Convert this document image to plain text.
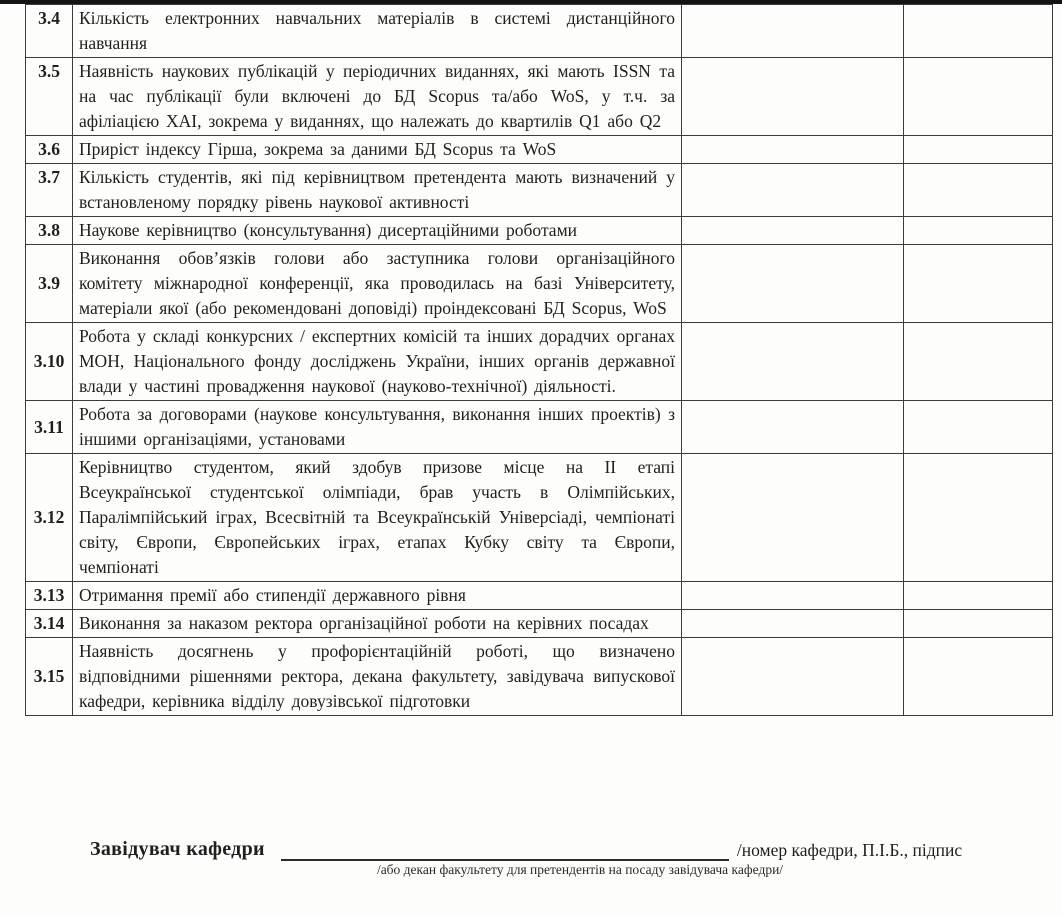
3.4	Кількість електронних навчальних матеріалів в системі дистанційного навчання		
3.5	Наявність наукових публікацій у періодичних виданнях, які мають ISSN та на час публікації були включені до БД Scopus та/або WoS, у т.ч. за афіліацією ХАІ, зокрема у виданнях, що належать до квартилів Q1 або Q2		
3.6	Приріст індексу Гірша, зокрема за даними БД Scopus та WoS		
3.7	Кількість студентів, які під керівництвом претендента мають визначений у встановленому порядку рівень наукової активності		
3.8	Наукове керівництво (консультування) дисертаційними роботами		
3.9	Виконання обов’язків голови або заступника голови організаційного комітету міжнародної конференції, яка проводилась на базі Університету, матеріали якої (або рекомендовані доповіді) проіндексовані БД Scopus, WoS		
3.10	Робота у складі конкурсних / експертних комісій та інших дорадчих органах МОН, Національного фонду досліджень України, інших органів державної влади у частині провадження наукової (науково-технічної) діяльності.		
3.11	Робота за договорами (наукове консультування, виконання інших проектів) з іншими організаціями, установами		
3.12	Керівництво студентом, який здобув призове місце на ІІ етапі Всеукраїнської студентської олімпіади, брав участь в Олімпійських, Паралімпійський іграх, Всесвітній та Всеукраїнській Універсіаді, чемпіонаті світу, Європи, Європейських іграх, етапах Кубку світу та Європи, чемпіонаті		
3.13	Отримання премії або стипендії державного рівня		
3.14	Виконання за наказом ректора організаційної роботи на керівних посадах		
3.15	Наявність досягнень у профорієнтаційній роботі, що визначено відповідними рішеннями ректора, декана факультету, завідувача випускової кафедри, керівника відділу довузівської підготовки		
Завідувач кафедри	/номер кафедри, П.І.Б., підпис
/або декан факультету для претендентів на посаду завідувача кафедри/
